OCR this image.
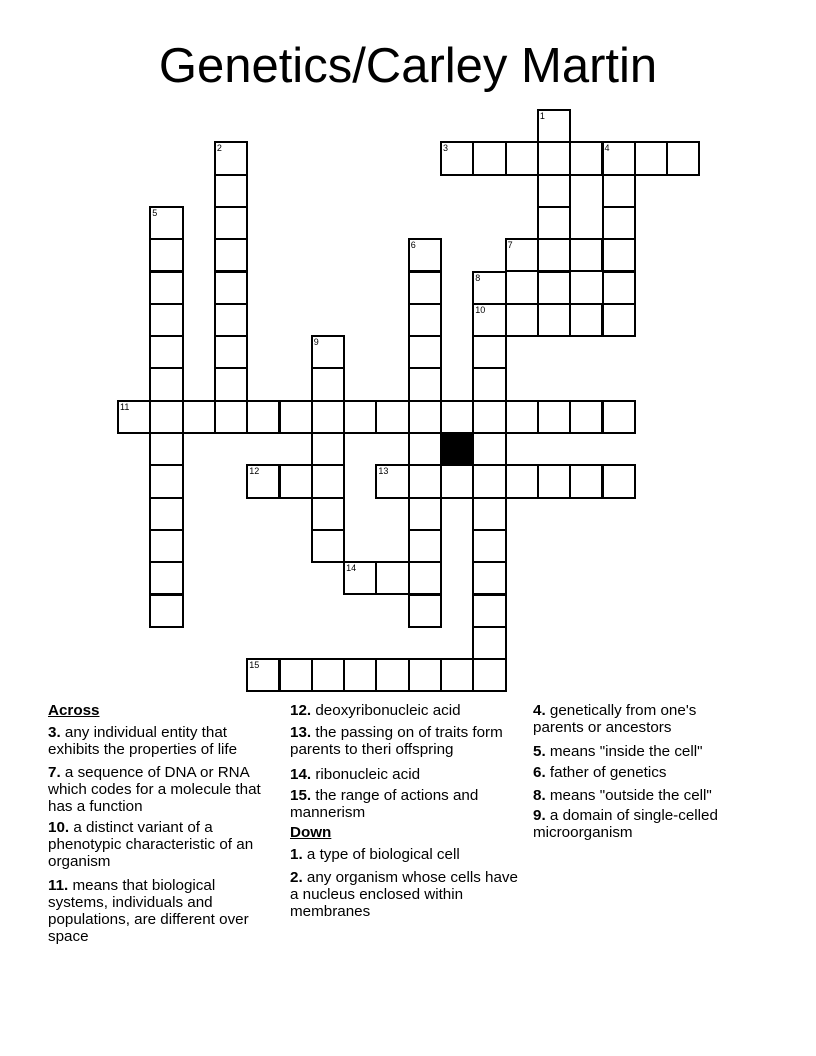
Genetics/Carley Martin
1
2	3	4
5
6	7
8
10
9
11
12	13
14
15
Across
3. any individual entity that exhibits the properties of life
7. a sequence of DNA or RNA which codes for a molecule that has a function
10. a distinct variant of a phenotypic characteristic of an organism
11. means that biological systems, individuals and populations, are different over space
12. deoxyribonucleic acid
13. the passing on of traits form parents to theri offspring
14. ribonucleic acid
15. the range of actions and mannerism
Down
1. a type of biological cell
2. any organism whose cells have a nucleus enclosed within membranes
4. genetically from one's parents or ancestors
5. means "inside the cell"
6. father of genetics
8. means "outside the cell"
9. a domain of single-celled microorganism
